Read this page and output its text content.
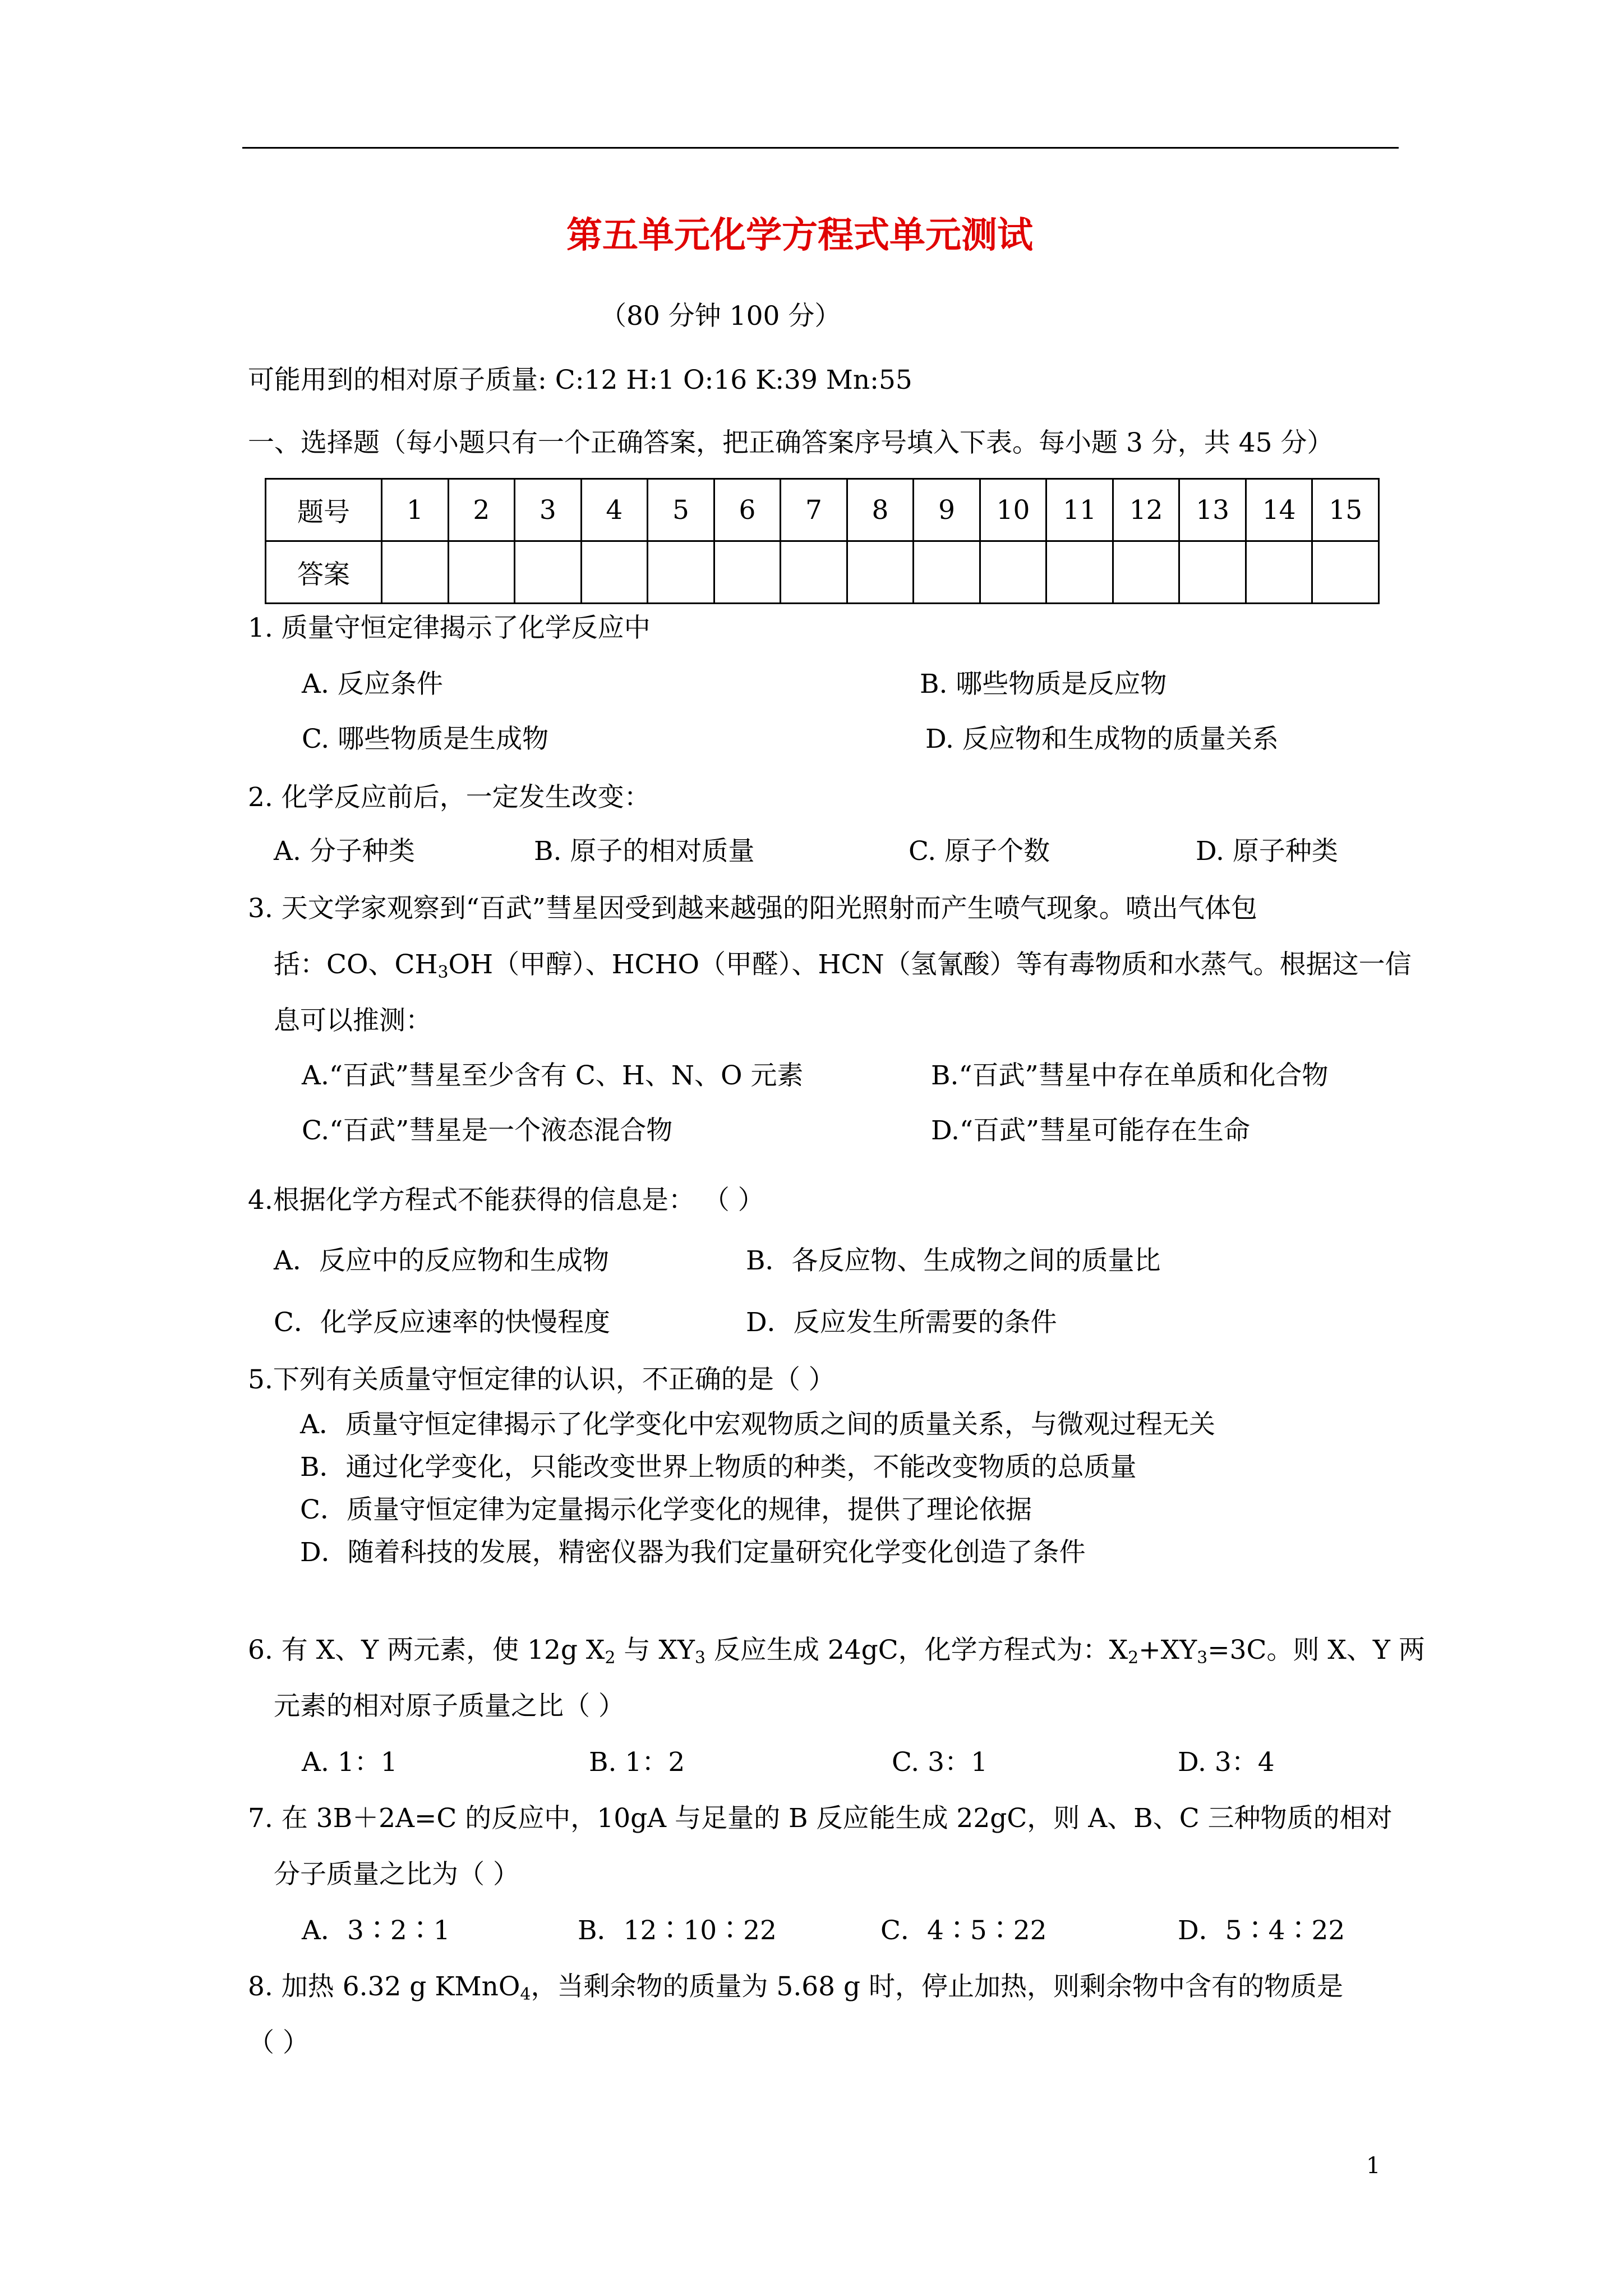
第五单元化学方程式单元测试
（80 分钟 100 分）
可能用到的相对原子质量: C:12 H:1 O:16 K:39 Mn:55
一、选择题（每小题只有一个正确答案，把正确答案序号填入下表。每小题 3 分，共 45 分）
题号	1	2	3	4	5	6	7	8	9	10	11	12	13	14	15
答案															
1. 质量守恒定律揭示了化学反应中
A. 反应条件	B. 哪些物质是反应物
C. 哪些物质是生成物	D. 反应物和生成物的质量关系
2. 化学反应前后，一定发生改变：
A. 分子种类	B. 原子的相对质量	C. 原子个数	D. 原子种类
3. 天文学家观察到“百武”彗星因受到越来越强的阳光照射而产生喷气现象。喷出气体包
括：CO、$CH_3OH$（甲醇）、HCHO（甲醛）、HCN（氢氰酸）等有毒物质和水蒸气。根据这一信
息可以推测：
A.“百武”彗星至少含有 C、H、N、O 元素	B.“百武”彗星中存在单质和化合物
C.“百武”彗星是一个液态混合物	D.“百武”彗星可能存在生命
4.根据化学方程式不能获得的信息是： （ ）
A．反应中的反应物和生成物	B．各反应物、生成物之间的质量比
C．化学反应速率的快慢程度	D．反应发生所需要的条件
5.下列有关质量守恒定律的认识，不正确的是（ ）
A．质量守恒定律揭示了化学变化中宏观物质之间的质量关系，与微观过程无关
B．通过化学变化，只能改变世界上物质的种类，不能改变物质的总质量
C．质量守恒定律为定量揭示化学变化的规律，提供了理论依据
D．随着科技的发展，精密仪器为我们定量研究化学变化创造了条件
6. 有 X、Y 两元素，使 12g $X_2$ 与 $XY_3$ 反应生成 24gC，化学方程式为：$X_2+XY_3=3C$。则 X、Y 两
元素的相对原子质量之比（ ）
A. 1：1	B. 1：2	C. 3：1	D. 3：4
7. 在 3B＋2A=C 的反应中，10gA 与足量的 B 反应能生成 22gC，则 A、B、C 三种物质的相对
分子质量之比为（ ）
A．3∶2∶1	B．12∶10∶22	C．4∶5∶22	D．5∶4∶22
8. 加热 6.32 g KMnO$_4$，当剩余物的质量为 5.68 g 时，停止加热，则剩余物中含有的物质是
（ ）
1
